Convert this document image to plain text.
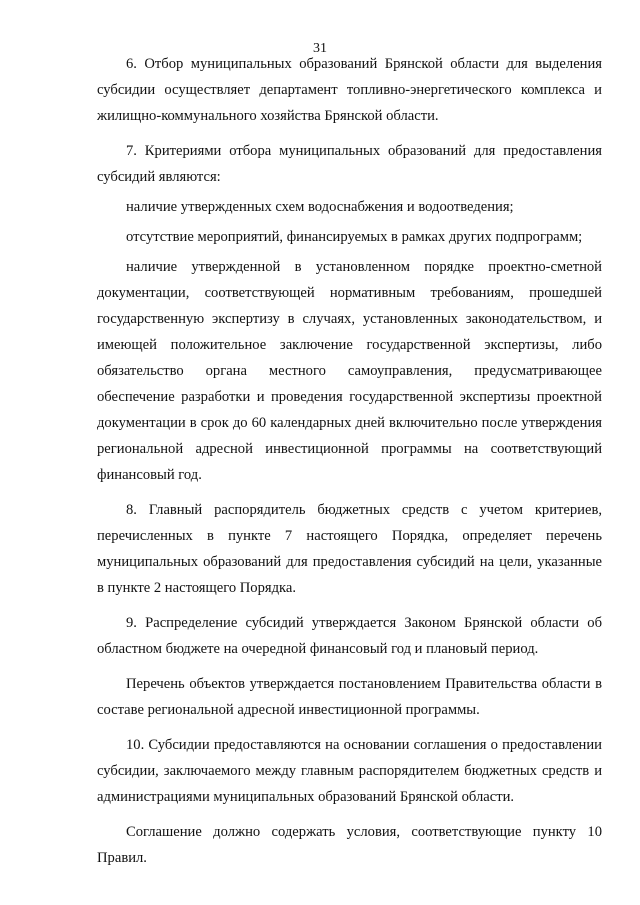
31

6. Отбор муниципальных образований Брянской области для выделения субсидии осуществляет департамент топливно-энергетического комплекса и жилищно-коммунального хозяйства Брянской области.

7. Критериями отбора муниципальных образований для предоставления субсидий являются:

наличие утвержденных схем водоснабжения и водоотведения;

отсутствие мероприятий, финансируемых в рамках других подпрограмм;

наличие утвержденной в установленном порядке проектно-сметной документации, соответствующей нормативным требованиям, прошедшей государственную экспертизу в случаях, установленных законодательством, и имеющей положительное заключение государственной экспертизы, либо обязательство органа местного самоуправления, предусматривающее обеспечение разработки и проведения государственной экспертизы проектной документации в срок до 60 календарных дней включительно после утверждения региональной адресной инвестиционной программы на соответствующий финансовый год.

8. Главный распорядитель бюджетных средств с учетом критериев, перечисленных в пункте 7 настоящего Порядка, определяет перечень муниципальных образований для предоставления субсидий на цели, указанные в пункте 2 настоящего Порядка.

9. Распределение субсидий утверждается Законом Брянской области об областном бюджете на очередной финансовый год и плановый период.

Перечень объектов утверждается постановлением Правительства области в составе региональной адресной инвестиционной программы.

10. Субсидии предоставляются на основании соглашения о предоставлении субсидии, заключаемого между главным распорядителем бюджетных средств и администрациями муниципальных образований Брянской области.

Соглашение должно содержать условия, соответствующие пункту 10 Правил.
